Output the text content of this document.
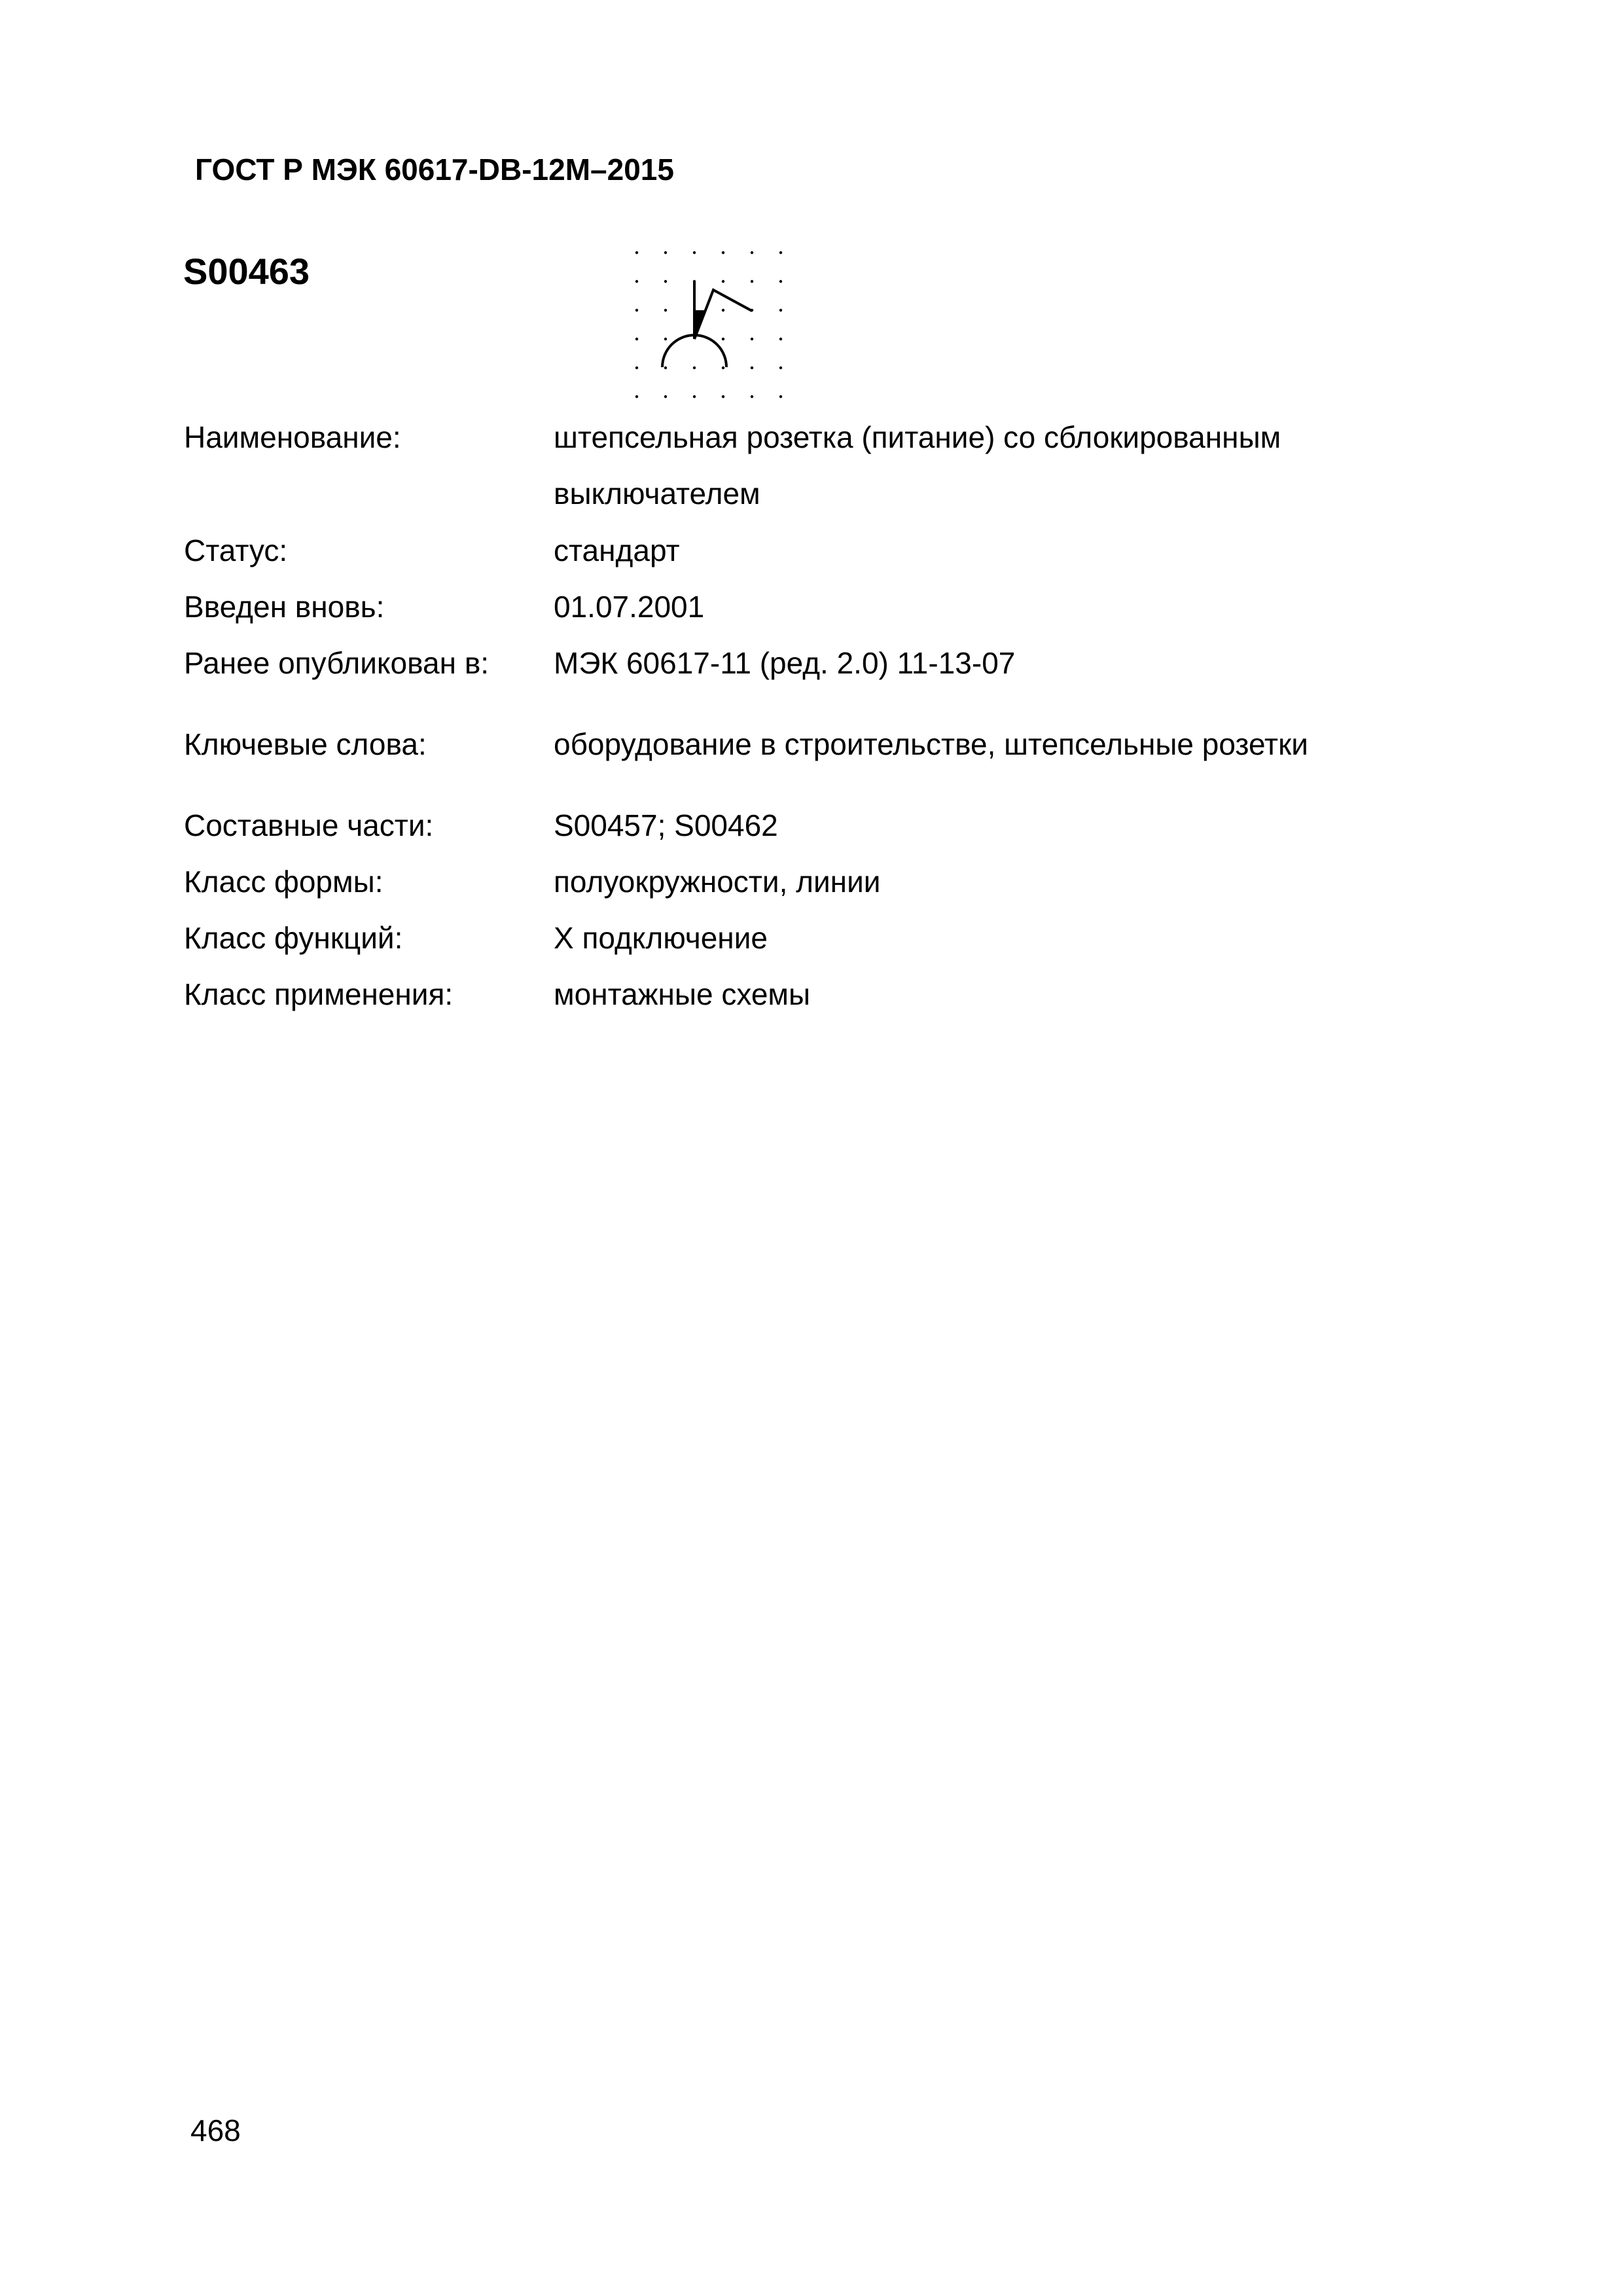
ГОСТ Р МЭК 60617-DB-12M–2015
S00463
Наименование:	штепсельная розетка (питание) со сблокированным
выключателем
Статус:	стандарт
Введен вновь:	01.07.2001
Ранее опубликован в: МЭК 60617-11 (ред. 2.0) 11-13-07
Ключевые слова:	оборудование в строительстве, штепсельные розетки
Составные части:	S00457; S00462
Класс формы:	полуокружности, линии
Класс функций:	X подключение
Класс применения:	монтажные схемы
468
